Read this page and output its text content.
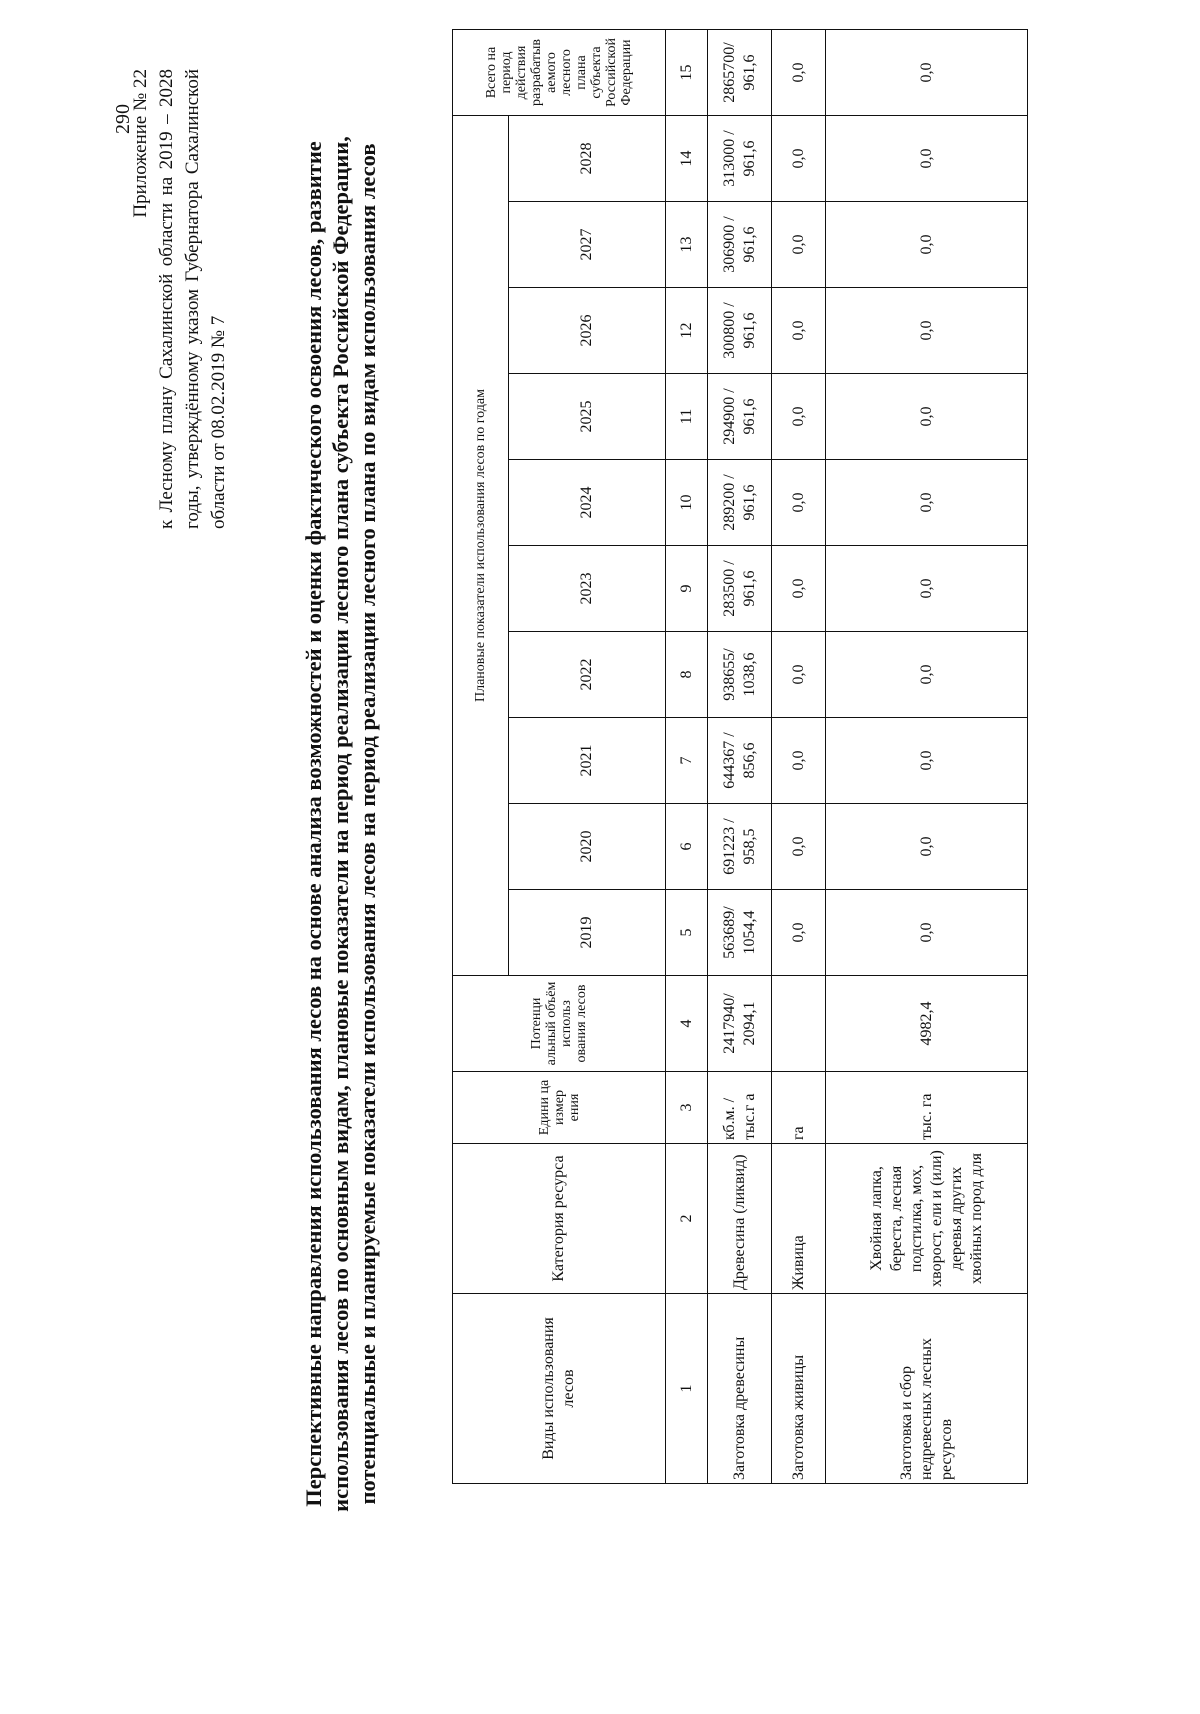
290
Приложение № 22 к Лесному плану Сахалинской области на 2019 – 2028 годы, утверждённому указом Губернатора Сахалинской области от 08.02.2019 № 7	Перспективные направления использования лесов на основе анализа возможностей и оценки фактического освоения лесов, развитие использования лесов по основным видам, плановые показатели на период реализации лесного плана субъекта Российской Федерации, потенциальные и планируемые показатели использования лесов на период реализации лесного плана по видам использования лесов	Виды использования лесов	Категория ресурса	Едини ца измер ения	Потенци альный объём использ ования лесов	Плановые показатели использования лесов по годам										Всего на период действия разрабатыв аемого лесного плана субъекта Российской Федерации
				2019	2020	2021	2022	2023	2024	2025	2026	2027	2028	
1	2	3	4	5	6	7	8	9	10	11	12	13	14	15
Заготовка древесины	Древесина (ликвид)	кб.м. /тыс.г а	2417940/ 2094,1	563689/ 1054,4	691223 / 958,5	644367 / 856,6	938655/ 1038,6	283500 / 961,6	289200 / 961,6	294900 / 961,6	300800 / 961,6	306900 / 961,6	313000 / 961,6	2865700/ 961,6
Заготовка живицы	Живица	га		0,0	0,0	0,0	0,0	0,0	0,0	0,0	0,0	0,0	0,0	0,0
Заготовка и сбор недревесных лесных ресурсов	Хвойная лапка, береста, лесная подстилка, мох, хворост, ели и (или) деревья других хвойных пород для	тыс. га	4982,4	0,0	0,0	0,0	0,0	0,0	0,0	0,0	0,0	0,0	0,0	0,0
